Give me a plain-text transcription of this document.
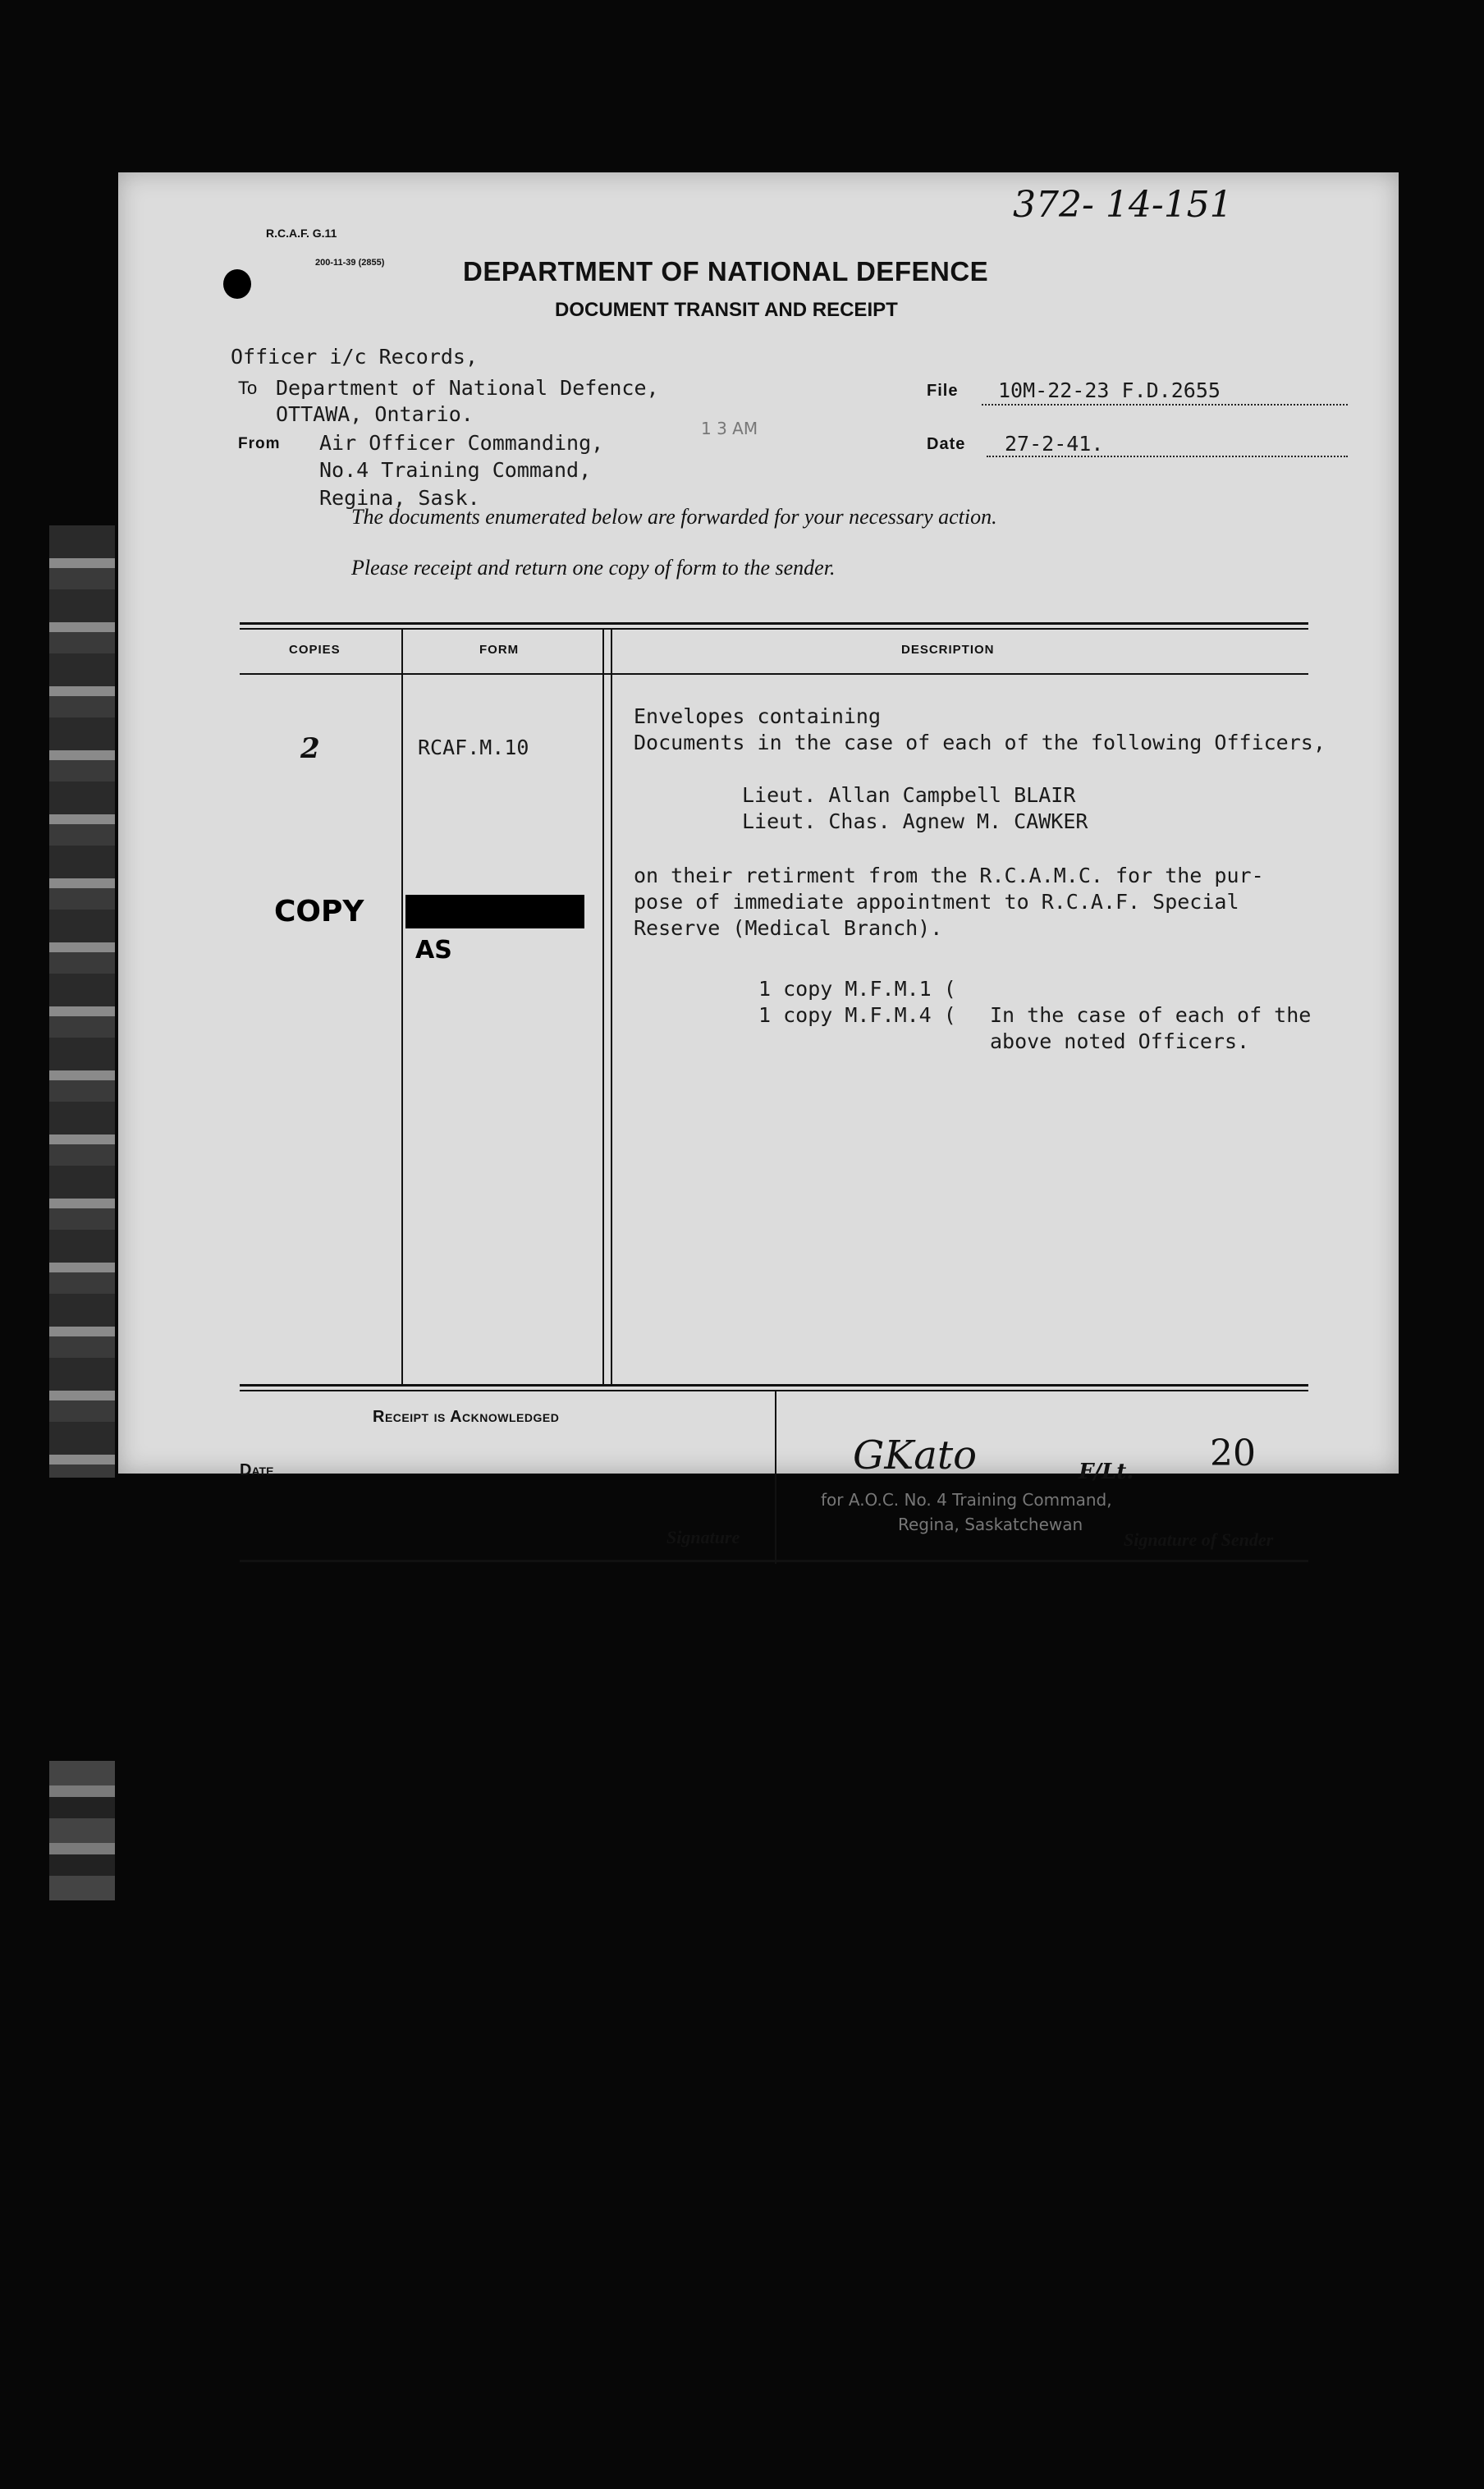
372- 14-151
R.C.A.F. G.11
200-11-39 (2855)	DEPARTMENT OF NATIONAL DEFENCE
DOCUMENT TRANSIT AND RECEIPT
Officer i/c Records,
To Department of National Defence,
OTTAWA, Ontario.
From Air Officer Commanding,
No.4 Training Command,
Regina, Sask.
1 3 AM
File 10M-22-23 F.D.2655
Date 27-2-41.
The documents enumerated below are forwarded for your necessary action.
Please receipt and return one copy of form to the sender.
COPIES	FORM	DESCRIPTION
2	RCAF.M.10
Envelopes containing
Documents in the case of each of the following Officers,
Lieut. Allan Campbell BLAIR
Lieut. Chas. Agnew M. CAWKER
on their retirment from the R.C.A.M.C. for the pur-
pose of immediate appointment to R.C.A.F. Special
Reserve (Medical Branch).
1 copy M.F.M.1 (
1 copy M.F.M.4 ( In the case of each of the
above noted Officers.
COPY RETURNED
AS
Receipt is Acknowledged
Date
Signature
GKato	F/Lt. 20
for A.O.C. No. 4 Training Command,
Regina, Saskatchewan
Signature of Sender
